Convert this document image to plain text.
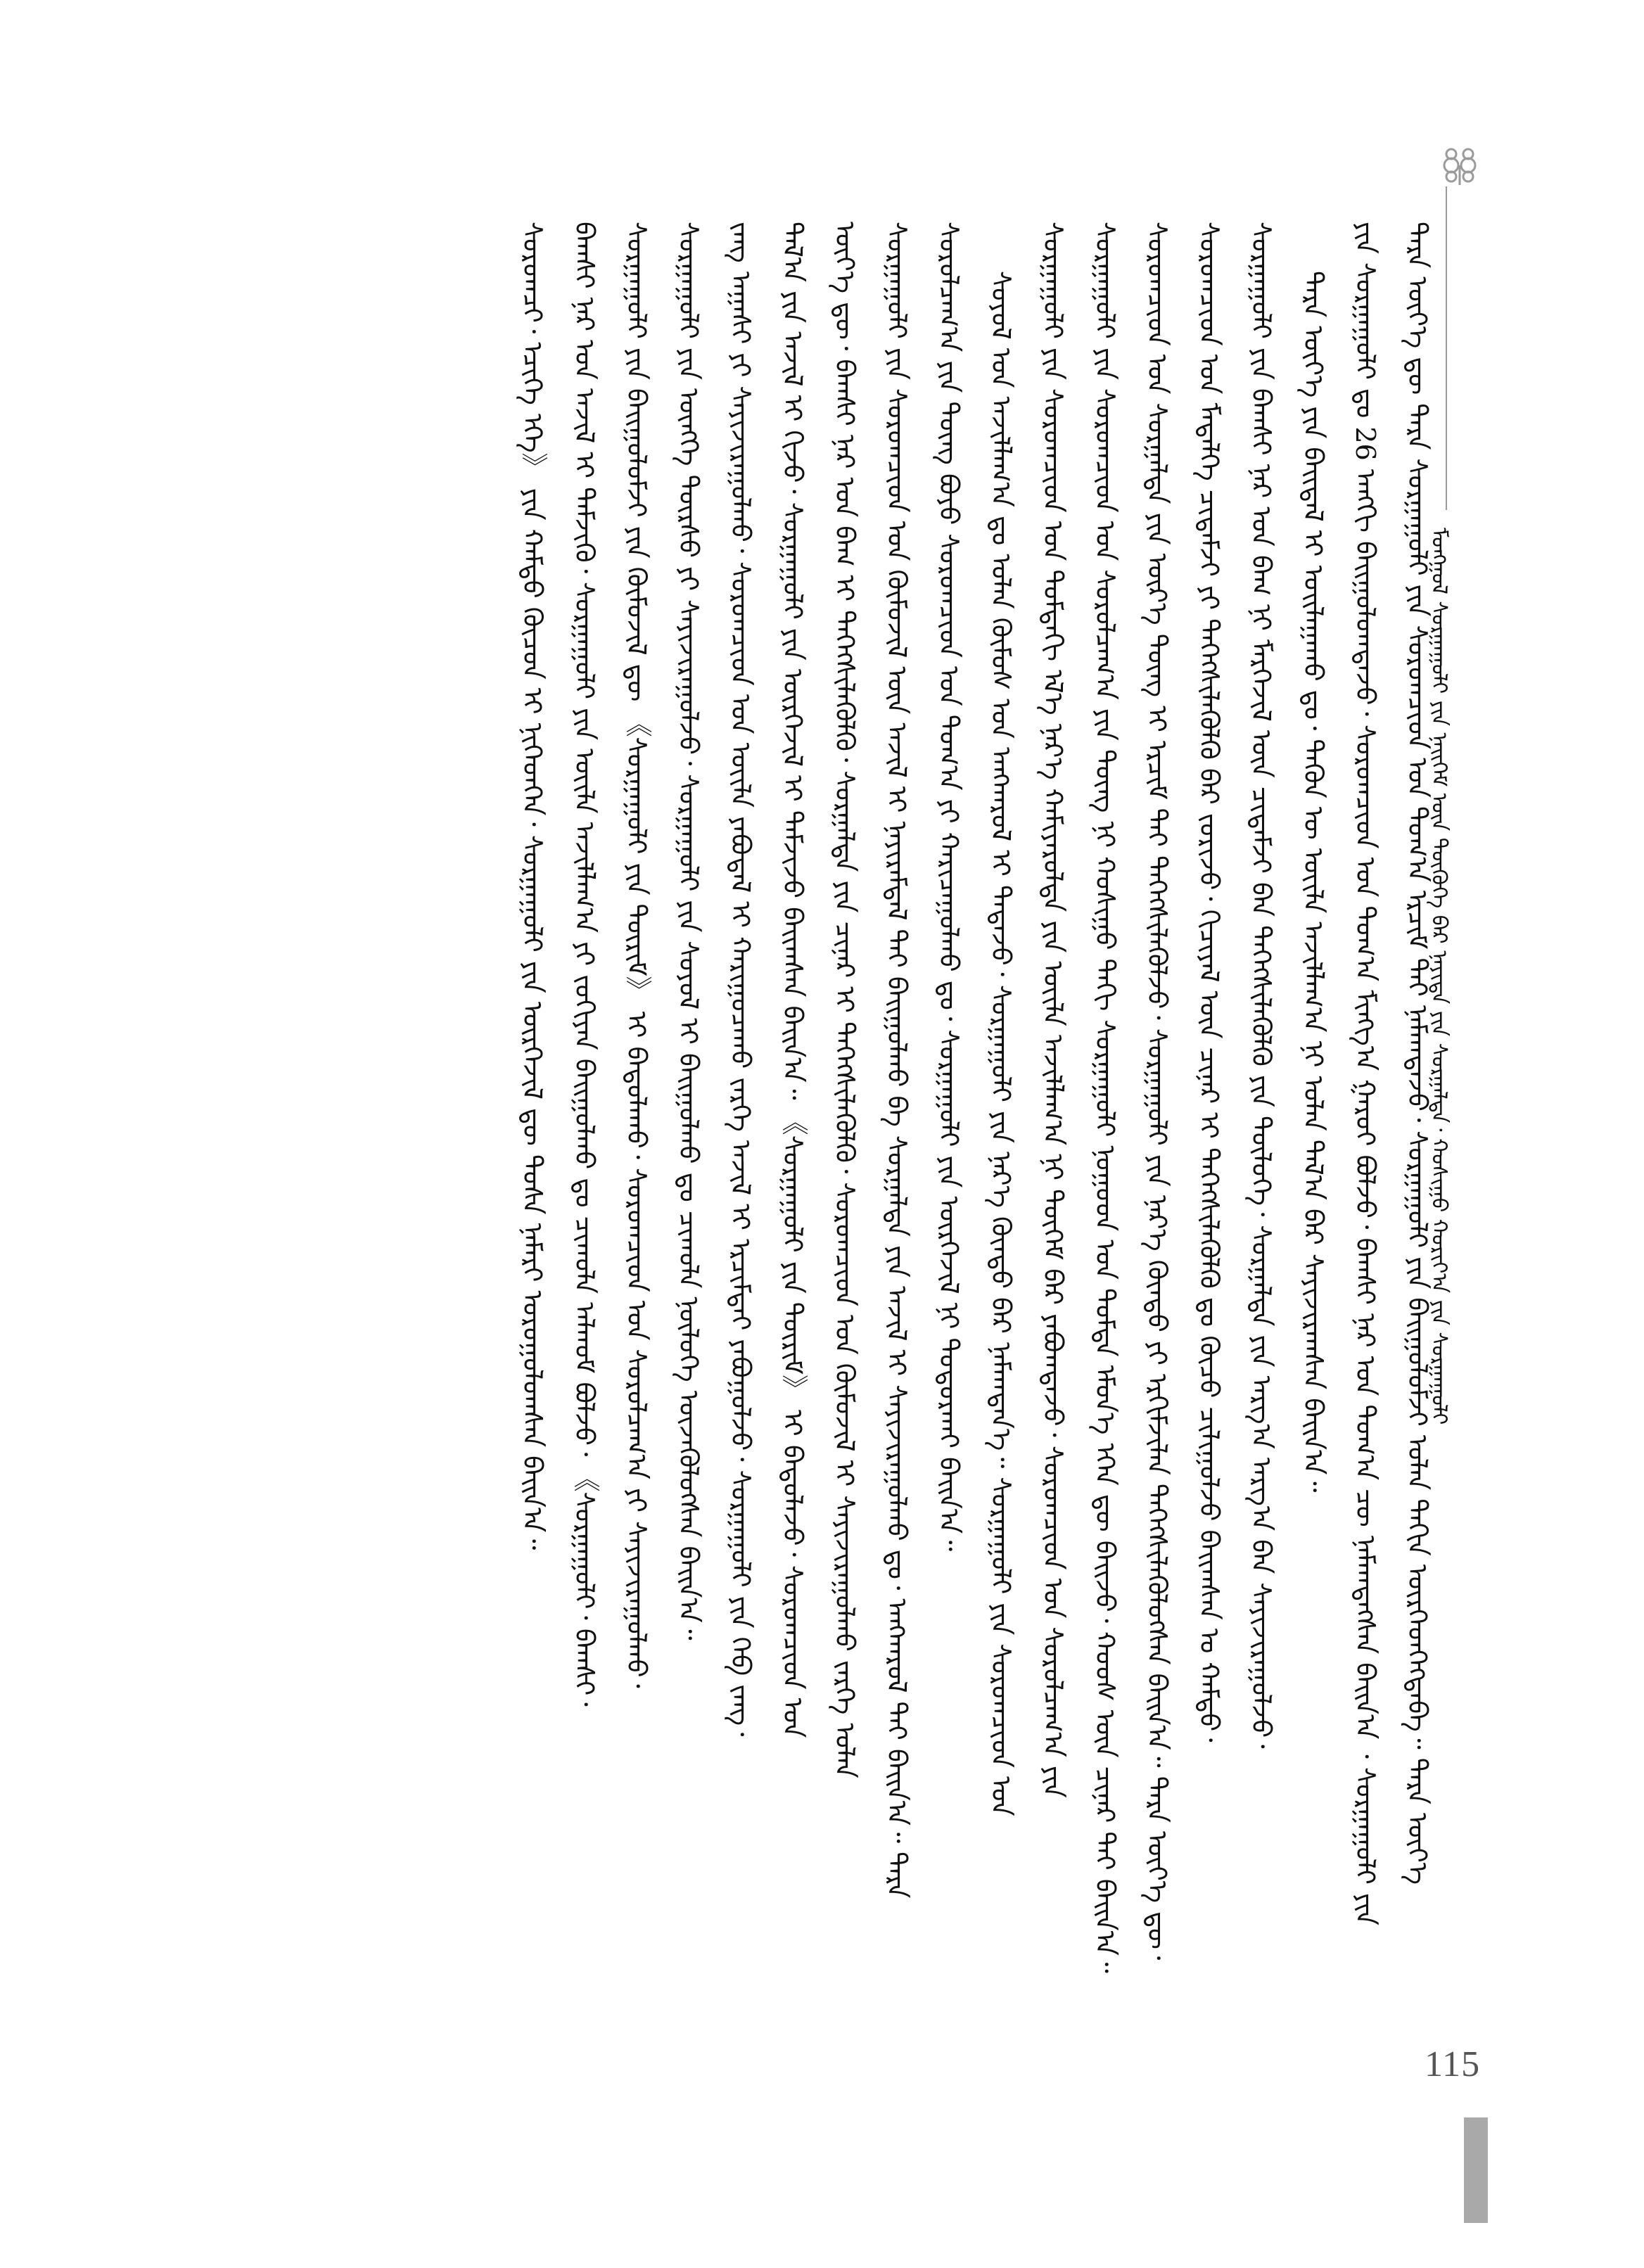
ᠮᠣᠩᠭᠣᠯ ᠰᠤᠷᠭᠠᠭᠤᠯᠢ ᠶᠢᠨ ᠨᠡᠢᠭᠡᠮ ᠦᠨ ᠲᠦᠭᠦᠬᠡ ᠪᠡᠷ ᠨᠡᠶᠢᠲᠡ ᠶᠢᠨ ᠰᠤᠷᠭᠠᠯᠲᠠ᠂ ᠬᠣᠰᠢᠭᠤ ᠬᠤᠷᠢᠶ᠎ᠠ ᠶᠢᠨ ᠰᠤᠷᠭᠠᠭᠤᠯᠢ
ᠲᠡᠷᠡ ᠦᠶ᠎ᠡ ᠳᠦ ᠲᠡᠷᠡ ᠰᠤᠷᠭᠠᠭᠤᠯᠢ ᠶᠢᠨ ᠰᠤᠷᠤᠭᠴᠢᠳ ᠤᠨ ᠲᠣᠭ᠎ᠠ ᠡᠷᠴᠢᠮ ᠲᠡᠢ ᠨᠡᠮᠡᠭ᠍ᠳᠡᠵᠦ᠂ ᠰᠤᠷᠭᠠᠭᠤᠯᠢ ᠶᠢᠨ ᠪᠠᠢᠭᠤᠯᠤᠮᠵᠢ ᠣᠯᠠᠨ ᠳᠠᠬᠢᠨ ᠥᠷᠭᠡᠳᠭᠡᠭᠳᠡᠪᠡ᠃ ᠲᠡᠷᠡ ᠦᠶ᠎ᠡ
ᠶᠢᠨ ᠰᠤᠷᠭᠠᠭᠤᠯᠢ ᠳᠤ 26 ᠠᠩᠭᠢ ᠪᠠᠢᠭᠤᠯᠤᠭᠳᠠᠵᠤ᠂ ᠰᠤᠷᠤᠭᠴᠢᠳ ᠤᠨ ᠲᠣᠭ᠎ᠠ ᠮᠢᠩᠭ᠎ᠠ ᠭᠠᠷᠤᠢ ᠪᠣᠯᠵᠤ᠂ ᠪᠠᠭᠰᠢ ᠨᠠᠷ ᠤᠨ ᠲᠣᠭ᠎ᠠ ᠴᠦ ᠨᠡᠮᠡᠭ᠍ᠳᠡᠭᠰᠡᠨ ᠪᠠᠢᠨ᠎ᠠ ᠂ ᠰᠤᠷᠭᠠᠭᠤᠯᠢ ᠶᠢᠨ
ᠲᠡᠷᠡ ᠦᠶ᠎ᠡ ᠶᠢᠨ ᠪᠠᠢᠳᠠᠯ ᠢ ᠣᠢᠯᠠᠭᠠᠬᠤ ᠳᠤ᠂ ᠲᠡᠭᠦᠨ ᠦ ᠦᠢᠯᠡ ᠠᠵᠢᠯᠯᠠᠭ᠎ᠠ ᠨᠢ ᠣᠯᠠᠨ ᠲᠠᠯ᠎ᠠ ᠪᠠᠷ ᠰᠠᠶᠢᠵᠢᠷᠠᠭᠰᠠᠨ ᠪᠠᠢᠨ᠎ᠠ᠃
ᠰᠤᠷᠭᠠᠭᠤᠯᠢ ᠶᠢᠨ ᠪᠠᠭᠰᠢ ᠨᠠᠷ ᠤᠨ ᠪᠠᠭ ᠨᠢ ᠮᠡᠷᠭᠡᠵᠢᠯ ᠦᠨ ᠴᠢᠳᠠᠮᠵᠢ ᠪᠡᠨ ᠳᠡᠭᠡᠭᠰᠢᠯᠡᠭᠦᠯᠬᠦ ᠶᠢᠨ ᠲᠥᠯᠥᠭᠡ᠂ ᠰᠤᠷᠭᠠᠯᠲᠠ ᠶᠢᠨ ᠠᠷᠭ᠎ᠠ ᠠᠷᠭ᠎ᠠ ᠪᠡᠨ ᠰᠠᠶᠢᠵᠢᠷᠠᠭᠤᠯᠵᠤ᠂
ᠰᠤᠷᠤᠭᠴᠢᠳ ᠤᠨ ᠮᠡᠳᠡᠯᠭᠡ ᠴᠢᠳᠠᠮᠵᠢ ᠶᠢ ᠳᠡᠭᠡᠭᠰᠢᠯᠡᠭᠦᠯᠬᠦ ᠪᠠᠷ ᠵᠣᠷᠢᠵᠤ᠂ ᠬᠢᠴᠢᠶᠡᠯ ᠦᠨ ᠴᠢᠨᠠᠷ ᠢ ᠳᠡᠭᠡᠭᠰᠢᠯᠡᠭᠦᠯᠬᠦ ᠳᠤ ᠬᠦᠴᠦ ᠴᠢᠯᠢᠭᠤᠯᠵᠤ ᠪᠠᠢᠭᠰᠠᠨ ᠤ ᠬᠠᠮᠲᠤ᠂
ᠰᠤᠷᠤᠭᠴᠢᠳ ᠤᠨ ᠰᠤᠷᠭᠠᠯᠲᠠ ᠶᠢᠨ ᠦᠷ᠎ᠡ ᠳᠦᠩ ᠢ ᠡᠷᠴᠢᠮ ᠲᠡᠢ ᠳᠡᠭᠡᠭᠰᠢᠯᠡᠭᠦᠯᠵᠦ᠂ ᠰᠤᠷᠭᠠᠭᠤᠯᠢ ᠶᠢᠨ ᠨᠡᠷ᠎ᠡ ᠬᠦᠨᠳᠦ ᠶᠢ ᠡᠷᠬᠢᠮᠵᠢᠯᠡᠨ ᠳᠡᠭᠡᠭᠰᠢᠯᠡᠭᠦᠯᠦᠭᠰᠡᠨ ᠪᠠᠢᠨ᠎ᠠ᠃ ᠲᠡᠷᠡ ᠦᠶ᠎ᠡ ᠳᠦ᠂
ᠰᠤᠷᠭᠠᠭᠤᠯᠢ ᠶᠢᠨ ᠰᠤᠷᠤᠭᠴᠢᠳ ᠤᠨ ᠰᠤᠷᠤᠯᠴᠠᠭ᠎ᠠ ᠶᠢᠨ ᠳᠦᠩ ᠨᠢ ᠬᠣᠰᠢᠭᠤ ᠳᠠᠬᠢ ᠰᠤᠷᠭᠠᠭᠤᠯᠢ ᠨᠤᠭᠤᠳ ᠤᠨ ᠳᠤᠮᠳᠠ ᠡᠮᠦᠨ᠎ᠡ ᠡᠭᠡᠨ ᠳᠦ ᠪᠠᠢᠵᠤ᠂ ᠬᠣᠣᠰ ᠦᠨ ᠴᠢᠨᠠᠷ ᠲᠠᠢ ᠪᠠᠢᠨ᠎ᠠ᠃
ᠰᠤᠷᠭᠠᠭᠤᠯᠢ ᠶᠢᠨ ᠰᠤᠷᠤᠭᠴᠢᠳ ᠤᠨ ᠳᠤᠮᠳᠠᠬᠢ ᠡᠯ᠎ᠡ ᠨᠡᠷ᠎ᠡ ᠬᠠᠮᠢᠶᠠᠷᠤᠯᠲᠠ ᠶᠢᠨ ᠦᠢᠯᠡ ᠠᠵᠢᠯᠯᠠᠭ᠎ᠠ ᠨᠢ ᠲᠦᠬᠡᠮ ᠪᠡᠷ ᠶᠠᠪᠤᠭᠳᠠᠵᠤ᠂ ᠰᠤᠷᠤᠭᠴᠢᠳ ᠤᠨ ᠰᠤᠷᠤᠯᠴᠠᠭ᠎ᠠ ᠶᠢᠨ
ᠰᠣᠶᠤᠯ ᠤᠨ ᠠᠵᠢᠯᠯᠠᠭ᠎ᠠ ᠳᠤ ᠣᠯᠠᠨ ᠬᠦᠮᠦᠰ ᠤᠨ ᠠᠩᠬᠠᠷᠤᠯ ᠢ ᠲᠠᠲᠠᠵᠤ᠂ ᠰᠤᠷᠭᠠᠭᠤᠯᠢ ᠶᠢᠨ ᠨᠡᠷ᠎ᠡ ᠬᠦᠨᠳᠦ ᠪᠠᠷ ᠨᠡᠮᠡᠭ᠍ᠳᠡᠨ᠎ᠡ᠃ ᠰᠤᠷᠭᠠᠭᠤᠯᠢ ᠶᠢᠨ ᠰᠤᠷᠤᠭᠴᠢᠳ ᠤᠨ
ᠰᠤᠷᠤᠯᠴᠠᠭ᠎ᠠ ᠶᠢᠨ ᠳᠦᠩ ᠪᠤᠶᠤ ᠰᠤᠷᠤᠭᠴᠢᠳ ᠤᠨ ᠲᠣᠭ᠎ᠠ ᠶᠢ ᠬᠠᠷᠢᠴᠠᠭᠤᠯᠬᠤ ᠳᠤ᠂ ᠰᠤᠷᠭᠠᠭᠤᠯᠢ ᠶᠢᠨ ᠥᠷᠭᠡᠵᠢᠯ ᠨᠢ ᠲᠣᠳᠤᠷᠬᠠᠢ ᠪᠠᠢᠨ᠎ᠠ᠃
ᠰᠤᠷᠭᠠᠭᠤᠯᠢ ᠶᠢᠨ ᠰᠤᠷᠤᠭᠴᠢᠳ ᠤᠨ ᠬᠥᠮᠦᠵᠢᠯ ᠦᠨ ᠠᠵᠢᠯ ᠢ ᠨᠠᠶᠢᠷᠠᠮᠳᠠᠯ ᠲᠠᠢ ᠪᠠᠢᠭᠤᠯᠬᠤ ᠪᠠ ᠰᠤᠷᠭᠠᠯᠲᠠ ᠶᠢᠨ ᠠᠵᠢᠯ ᠢ ᠰᠠᠶᠢᠵᠢᠷᠠᠭᠤᠯᠬᠤ ᠳᠤ᠂ ᠠᠩᠬᠠᠷᠤᠯ ᠲᠠᠢ ᠪᠠᠢᠨ᠎ᠠ᠃ ᠲᠡᠷᠡ
ᠦᠶ᠎ᠡ ᠳᠦ᠂ ᠪᠠᠭᠰᠢ ᠨᠠᠷ ᠤᠨ ᠪᠠᠭ ᠢ ᠳᠡᠭᠡᠭᠰᠢᠯᠡᠭᠦᠯᠬᠦ᠂ ᠰᠤᠷᠭᠠᠯᠲᠠ ᠶᠢᠨ ᠴᠢᠨᠠᠷ ᠢ ᠳᠡᠭᠡᠭᠰᠢᠯᠡᠭᠦᠯᠬᠦ᠂ ᠰᠤᠷᠤᠭᠴᠢᠳ ᠤᠨ ᠬᠥᠮᠦᠵᠢᠯ ᠢ ᠰᠠᠶᠢᠵᠢᠷᠠᠭᠤᠯᠬᠤ ᠵᠡᠷᠭᠡ ᠣᠯᠠᠨ
ᠲᠠᠯ᠎ᠠ ᠶᠢᠨ ᠠᠵᠢᠯ ᠢ ᠬᠢᠵᠦ᠂ ᠰᠤᠷᠭᠠᠭᠤᠯᠢ ᠶᠢᠨ ᠥᠷᠭᠡᠵᠢᠯ ᠢ ᠳᠡᠮᠵᠢᠵᠦ ᠪᠠᠢᠭᠰᠠᠨ ᠪᠠᠢᠨ᠎ᠠ᠃ 《ᠰᠤᠷᠭᠠᠭᠤᠯᠢ ᠶᠢᠨ ᠳᠦᠷᠢᠮ》 ᠢ ᠪᠠᠲᠤᠯᠠᠵᠤ᠂ ᠰᠤᠷᠤᠭᠴᠢᠳ ᠤᠨ
ᠵᠠᠩ ᠠᠭᠠᠰᠢ ᠶᠢ ᠰᠠᠶᠢᠵᠢᠷᠠᠭᠤᠯᠬᠤ᠂ ᠰᠤᠷᠤᠭᠴᠢᠳ ᠤᠨ ᠦᠢᠯᠡ ᠶᠠᠪᠤᠳᠠᠯ ᠢ ᠬᠠᠷᠢᠭᠤᠴᠠᠬᠤ ᠵᠡᠷᠭᠡ ᠠᠵᠢᠯ ᠢ ᠡᠷᠴᠢᠮᠲᠡᠢ ᠶᠠᠪᠤᠭᠤᠯᠵᠤ᠂ ᠰᠤᠷᠭᠠᠭᠤᠯᠢ ᠶᠢᠨ ᠬᠡᠪ ᠵᠠᠩ᠂
ᠰᠤᠷᠭᠠᠭᠤᠯᠢ ᠶᠢᠨ ᠥᠩᠭᠡ ᠳᠦᠷᠰᠦ ᠶᠢ ᠰᠠᠶᠢᠵᠢᠷᠠᠭᠤᠯᠵᠤ᠂ ᠰᠤᠷᠭᠠᠭᠤᠯᠢ ᠶᠢᠨ ᠰᠣᠶᠤᠯ ᠢ ᠪᠠᠢᠭᠤᠯᠬᠤ ᠳᠤ ᠴᠢᠬᠤᠯᠠ ᠨᠥᠯᠦᠭᠡ ᠦᠵᠡᠭᠦᠯᠦᠭᠰᠡᠨ ᠪᠠᠢᠨ᠎ᠠ᠃
ᠰᠤᠷᠭᠠᠭᠤᠯᠢ ᠶᠢᠨ ᠪᠠᠢᠭᠤᠯᠤᠮᠵᠢ ᠶᠢᠨ ᠬᠥᠮᠦᠵᠢᠯ ᠳᠦ 《ᠰᠤᠷᠭᠠᠭᠤᠯᠢ ᠶᠢᠨ ᠳᠦᠷᠢᠮ》 ᠢ ᠪᠠᠲᠤᠯᠠᠬᠤ᠂ ᠰᠤᠷᠤᠭᠴᠢᠳ ᠤᠨ ᠰᠤᠷᠤᠯᠴᠠᠭ᠎ᠠ ᠶᠢ ᠰᠠᠶᠢᠵᠢᠷᠠᠭᠤᠯᠬᠤ᠂
ᠪᠠᠭᠰᠢ ᠨᠠᠷ ᠤᠨ ᠠᠵᠢᠯ ᠢ ᠳᠡᠮᠵᠢᠬᠦ᠂ ᠰᠤᠷᠭᠠᠭᠤᠯᠢ ᠶᠢᠨ ᠦᠢᠯᠡ ᠠᠵᠢᠯᠯᠠᠭ᠎ᠠ ᠶᠢ ᠵᠣᠬᠢᠶᠠᠨ ᠪᠠᠢᠭᠤᠯᠬᠤ ᠳᠤ ᠴᠢᠬᠤᠯᠠ ᠠᠯᠬᠤᠮ ᠪᠣᠯᠵᠤ᠂ 《ᠰᠤᠷᠭᠠᠭᠤᠯᠢ᠂ ᠪᠠᠭᠰᠢ᠂
ᠰᠤᠷᠤᠭᠴᠢ᠂ ᠡᠴᠢᠭᠡ ᠡᠬᠡ》 ᠶᠢᠨ ᠬᠠᠮᠲᠤ ᠬᠦᠴᠦᠨ ᠢ ᠨᠢᠭᠡᠳᠭᠡᠨ᠂ ᠰᠤᠷᠭᠠᠭᠤᠯᠢ ᠶᠢᠨ ᠥᠷᠭᠡᠵᠢᠯ ᠳᠦ ᠲᠤᠰᠠ ᠨᠡᠮᠡᠷᠢ ᠣᠷᠣᠭᠤᠯᠤᠭᠰᠠᠨ ᠪᠠᠢᠨ᠎ᠠ᠃
115
